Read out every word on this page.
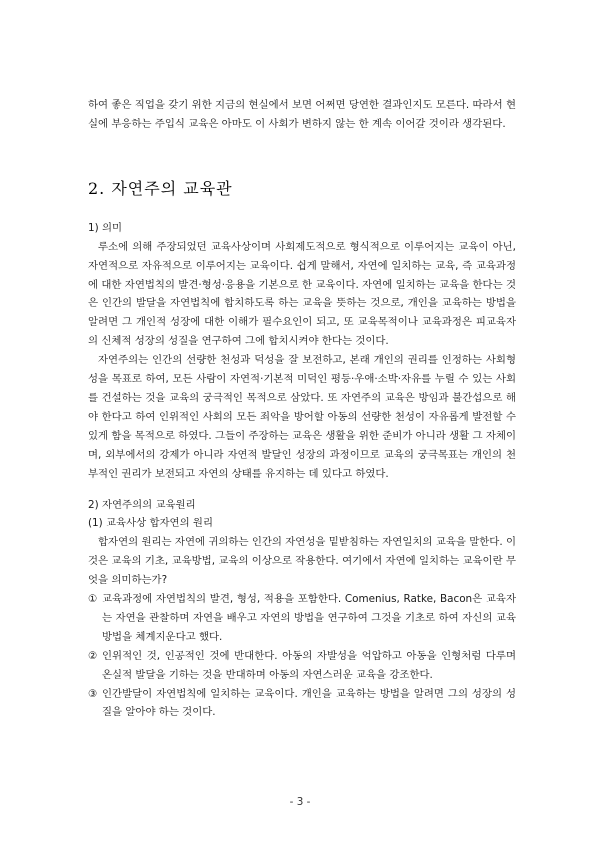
하여 좋은 직업을 갖기 위한 지금의 현실에서 보면 어쩌면 당연한 결과인지도 모른다. 따라서 현실에 부응하는 주입식 교육은 아마도 이 사회가 변하지 않는 한 계속 이어갈 것이라 생각된다.

2. 자연주의 교육관

1) 의미

루소에 의해 주장되었던 교육사상이며 사회제도적으로 형식적으로 이루어지는 교육이 아닌, 자연적으로 자유적으로 이루어지는 교육이다. 쉽게 말해서, 자연에 일치하는 교육, 즉 교육과정에 대한 자연법칙의 발견·형성·응용을 기본으로 한 교육이다. 자연에 일치하는 교육을 한다는 것은 인간의 발달을 자연법칙에 합치하도록 하는 교육을 뜻하는 것으로, 개인을 교육하는 방법을 알려면 그 개인적 성장에 대한 이해가 필수요인이 되고, 또 교육목적이나 교육과정은 피교육자의 신체적 성장의 성질을 연구하여 그에 합치시켜야 한다는 것이다.

자연주의는 인간의 선량한 천성과 덕성을 잘 보전하고, 본래 개인의 권리를 인정하는 사회형성을 목표로 하여, 모든 사람이 자연적·기본적 미덕인 평등·우애·소박·자유를 누릴 수 있는 사회를 건설하는 것을 교육의 궁극적인 목적으로 삼았다. 또 자연주의 교육은 방임과 불간섭으로 해야 한다고 하여 인위적인 사회의 모든 죄악을 방어할 아동의 선량한 천성이 자유롭게 발전할 수 있게 함을 목적으로 하였다. 그들이 주장하는 교육은 생활을 위한 준비가 아니라 생활 그 자체이며, 외부에서의 강제가 아니라 자연적 발달인 성장의 과정이므로 교육의 궁극목표는 개인의 천부적인 권리가 보전되고 자연의 상태를 유지하는 데 있다고 하였다.

2) 자연주의의 교육원리

(1) 교육사상 합자연의 원리

합자연의 원리는 자연에 귀의하는 인간의 자연성을 밑받침하는 자연일치의 교육을 말한다. 이것은 교육의 기초, 교육방법, 교육의 이상으로 작용한다. 여기에서 자연에 일치하는 교육이란 무엇을 의미하는가?

① 교육과정에 자연법칙의 발견, 형성, 적용을 포함한다. Comenius, Ratke, Bacon은 교육자는 자연을 관찰하며 자연을 배우고 자연의 방법을 연구하여 그것을 기초로 하여 자신의 교육방법을 체계지운다고 했다.

② 인위적인 것, 인공적인 것에 반대한다. 아동의 자발성을 억압하고 아동을 인형처럼 다루며 온실적 발달을 기하는 것을 반대하며 아동의 자연스러운 교육을 강조한다.

③ 인간발달이 자연법칙에 일치하는 교육이다. 개인을 교육하는 방법을 알려면 그의 성장의 성질을 알아야 하는 것이다.

- 3 -
